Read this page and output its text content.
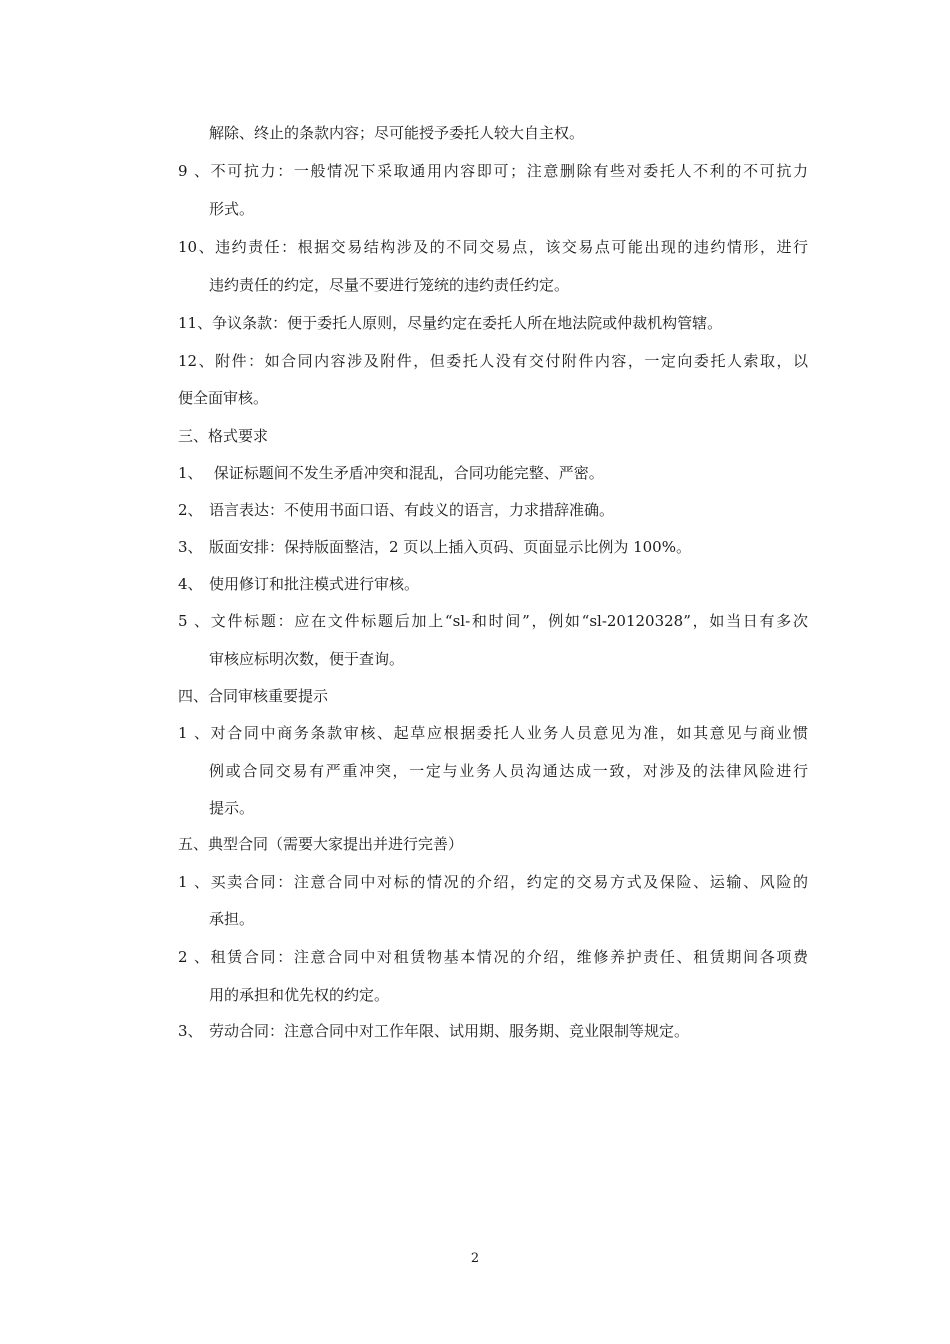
解除、终止的条款内容；尽可能授予委托人较大自主权。
9、不可抗力：一般情况下采取通用内容即可；注意删除有些对委托人不利的不可抗力
形式。
10、违约责任：根据交易结构涉及的不同交易点，该交易点可能出现的违约情形，进行
违约责任的约定，尽量不要进行笼统的违约责任约定。
11、争议条款：便于委托人原则，尽量约定在委托人所在地法院或仲裁机构管辖。
12、附件：如合同内容涉及附件，但委托人没有交付附件内容，一定向委托人索取，以
便全面审核。
三、格式要求
1、 保证标题间不发生矛盾冲突和混乱，合同功能完整、严密。
2、 语言表达：不使用书面口语、有歧义的语言，力求措辞准确。
3、 版面安排：保持版面整洁，2 页以上插入页码、页面显示比例为 100%。
4、 使用修订和批注模式进行审核。
5、文件标题：应在文件标题后加上“sl-和时间”，例如“sl-20120328”，如当日有多次
审核应标明次数，便于查询。
四、合同审核重要提示
1、对合同中商务条款审核、起草应根据委托人业务人员意见为准，如其意见与商业惯
例或合同交易有严重冲突，一定与业务人员沟通达成一致，对涉及的法律风险进行
提示。
五、典型合同（需要大家提出并进行完善）
1、买卖合同：注意合同中对标的情况的介绍，约定的交易方式及保险、运输、风险的
承担。
2、租赁合同：注意合同中对租赁物基本情况的介绍，维修养护责任、租赁期间各项费
用的承担和优先权的约定。
3、 劳动合同：注意合同中对工作年限、试用期、服务期、竞业限制等规定。
2
